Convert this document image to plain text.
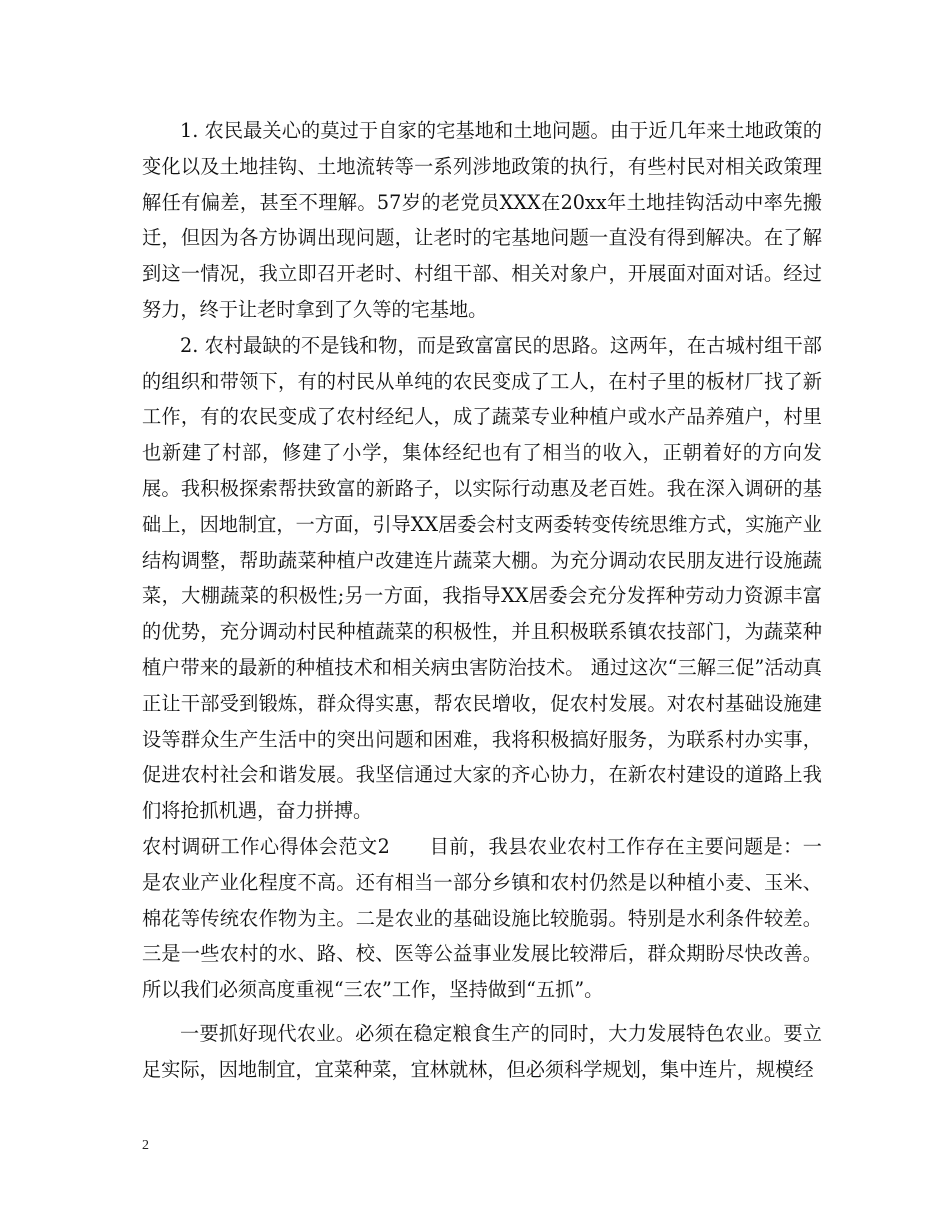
1. 农民最关心的莫过于自家的宅基地和土地问题。由于近几年来土地政策的变化以及土地挂钩、土地流转等一系列涉地政策的执行，有些村民对相关政策理解任有偏差，甚至不理解。57岁的老党员XXX在20xx年土地挂钩活动中率先搬迁，但因为各方协调出现问题，让老时的宅基地问题一直没有得到解决。在了解到这一情况，我立即召开老时、村组干部、相关对象户，开展面对面对话。经过努力，终于让老时拿到了久等的宅基地。

2. 农村最缺的不是钱和物，而是致富富民的思路。这两年，在古城村组干部的组织和带领下，有的村民从单纯的农民变成了工人，在村子里的板材厂找了新工作，有的农民变成了农村经纪人，成了蔬菜专业种植户或水产品养殖户，村里也新建了村部，修建了小学，集体经纪也有了相当的收入，正朝着好的方向发展。我积极探索帮扶致富的新路子，以实际行动惠及老百姓。我在深入调研的基础上，因地制宜，一方面，引导XX居委会村支两委转变传统思维方式，实施产业结构调整，帮助蔬菜种植户改建连片蔬菜大棚。为充分调动农民朋友进行设施蔬菜，大棚蔬菜的积极性;另一方面，我指导XX居委会充分发挥种劳动力资源丰富的优势，充分调动村民种植蔬菜的积极性，并且积极联系镇农技部门，为蔬菜种植户带来的最新的种植技术和相关病虫害防治技术。 通过这次“三解三促”活动真正让干部受到锻炼，群众得实惠，帮农民增收，促农村发展。对农村基础设施建设等群众生产生活中的突出问题和困难，我将积极搞好服务，为联系村办实事，促进农村社会和谐发展。我坚信通过大家的齐心协力，在新农村建设的道路上我们将抢抓机遇，奋力拼搏。

农村调研工作心得体会范文2　　目前，我县农业农村工作存在主要问题是：一是农业产业化程度不高。还有相当一部分乡镇和农村仍然是以种植小麦、玉米、棉花等传统农作物为主。二是农业的基础设施比较脆弱。特别是水利条件较差。三是一些农村的水、路、校、医等公益事业发展比较滞后，群众期盼尽快改善。所以我们必须高度重视“三农”工作，坚持做到“五抓”。

一要抓好现代农业。必须在稳定粮食生产的同时，大力发展特色农业。要立足实际，因地制宜，宜菜种菜，宜林就林，但必须科学规划，集中连片，规模经

2
